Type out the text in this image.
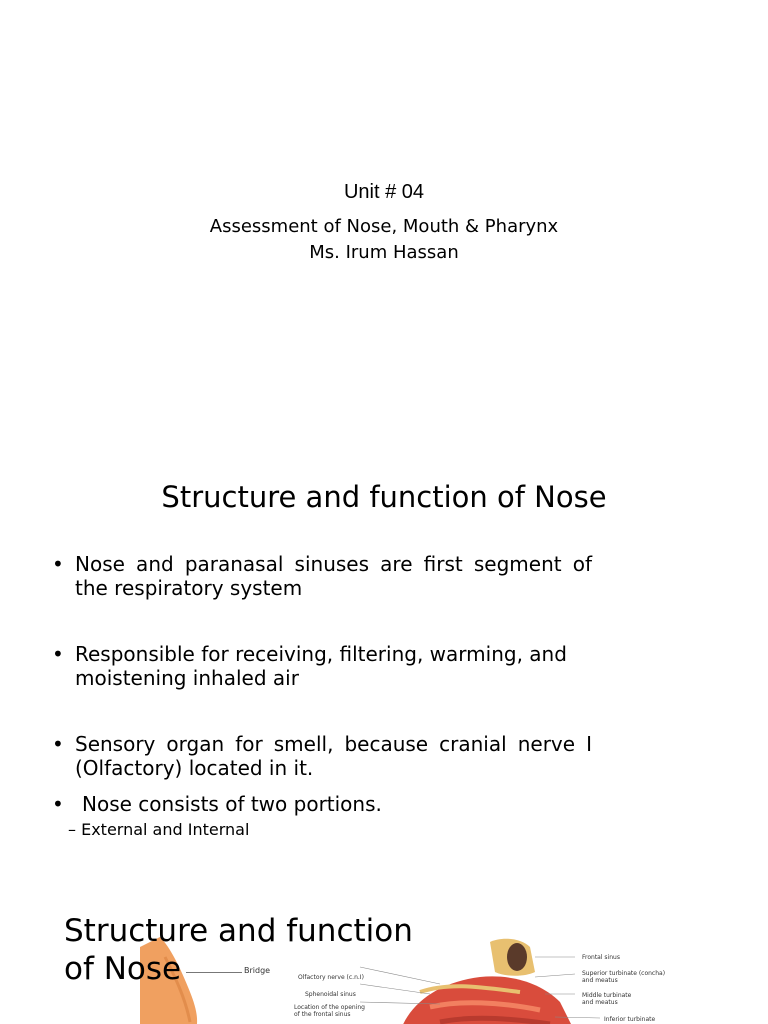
Unit # 04
Assessment of Nose, Mouth & Pharynx
Ms. Irum Hassan
Structure and function of Nose
• Nose and paranasal sinuses are first segment of the respiratory system
• Responsible for receiving, filtering, warming, and moistening inhaled air
• Sensory organ for smell, because cranial nerve I (Olfactory) located in it.
• Nose consists of two portions.
– External and Internal
Structure and function
of Nose	Bridge
Olfactory nerve (c.n.I)
Sphenoidal sinus
Location of the opening
of the frontal sinus
Frontal sinus
Superior turbinate (concha)
and meatus
Middle turbinate
and meatus
Inferior turbinate
